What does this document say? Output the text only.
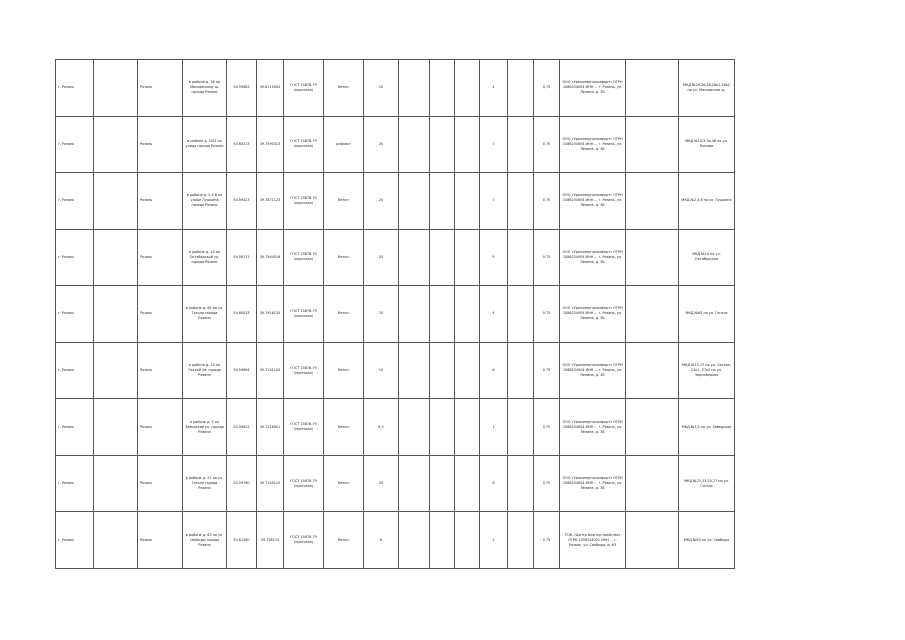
г. Рязань		Рязань	в районе д. 26 по Московскому ш. города Рязани	54.59682	39.6115002	ГОСТ 15878-79 (протокол)	бетон	10				4		0,75	ООО «Уралэнергокомфорт» ОГРН 1086234004 ИНН ... г. Рязань, ул. Ленина, д. 3Б		МКД №24,26,28,28к1,28к2 по ул. Московское ш.
г. Рязань		Рязань	в районе д. 10/3 по улице города Рязани	54.60213	39.7590313	ГОСТ 15878-79 (протокол)	асфальт	20				7		0,75	ООО «Уралэнергокомфорт» ОГРН 1086234004 ИНН ... г. Рязань, ул. Ленина, д. 3Б		МКД №10/3,3а,4б по ул. Быкова
г. Рязань		Рязань	в районе д. 2,4,6 по улице Пушкина города Рязани	54.59423	39.7871125	ГОСТ 15878-79 (протокол)	бетон	24				7		0,75	ООО «Уралэнергокомфорт» ОГРН 1086234004 ИНН ... г. Рязань, ул. Ленина, д. 3Б		МКД №2,4,6 по ул. Пушкина
г. Рязань		Рязань	в районе д. 14 по Октябрьской ул. города Рязани	54.58171	39.7564516	ГОСТ 15878-79 (протокол)	бетон	25				9		0,75	ООО «Уралэнергокомфорт» ОГРН 1086234004 ИНН ... г. Рязань, ул. Ленина, д. 3Б		МКД №14 по ул. Октябрьская
г. Рязань		Рязань	в районе д. 65 по ул. Гоголя города Рязани	54.60033	39.7916135	ГОСТ 15878-79 (протокол)	бетон	10				4		0,75	ООО «Уралэнергокомфорт» ОГРН 1086234004 ИНН ... г. Рязань, ул. Ленина, д. 3Б		МКД №65 по ул. Гоголя
г. Рязань		Рязань	в районе д. 15 по Окской ул. города Рязани	54.59864	39.7151100	ГОСТ 15878-79 (протокол)	бетон	10				6		0,75	ООО «Уралэнергокомфорт» ОГРН 1086234004 ИНН ... г. Рязань, ул. Ленина, д. 3Б		МКД №15,17 по ул. Окская, 21к1, 27к2 по ул. Черновицкая
г. Рязань		Рязань	в районе д. 3 по Заводской ул. города Рязани	54.59622	39.7218901	ГОСТ 15878-79 (протокол)	бетон	6,5				1		0,75	ООО «Уралэнергокомфорт» ОГРН 1086234004 ИНН ... г. Рязань, ул. Ленина, д. 3Б		МКД №3,5 по ул. Заводская
г. Рязань		Рязань	в районе д. 21 по ул. Гоголя города Рязани	54.59760	39.7145120	ГОСТ 15878-79 (протокол)	бетон	20				6		0,75	ООО «Уралэнергокомфорт» ОГРН 1086234004 ИНН ... г. Рязань, ул. Ленина, д. 3Б		МКД №21,23,25,27 по ул. Гоголя
г. Рязань		Рязань	в районе д. 63 по ул. Свободы города Рязани	54.61260	39.756110	ГОСТ 15878-79 (протокол)	бетон	6				2		0,75	ТСЖ «Центр Благоустройства» ОГРН 1056234001 ИНН ... г. Рязань, ул. Свободы, д. 63		МКД №63 по ул. Свободы
